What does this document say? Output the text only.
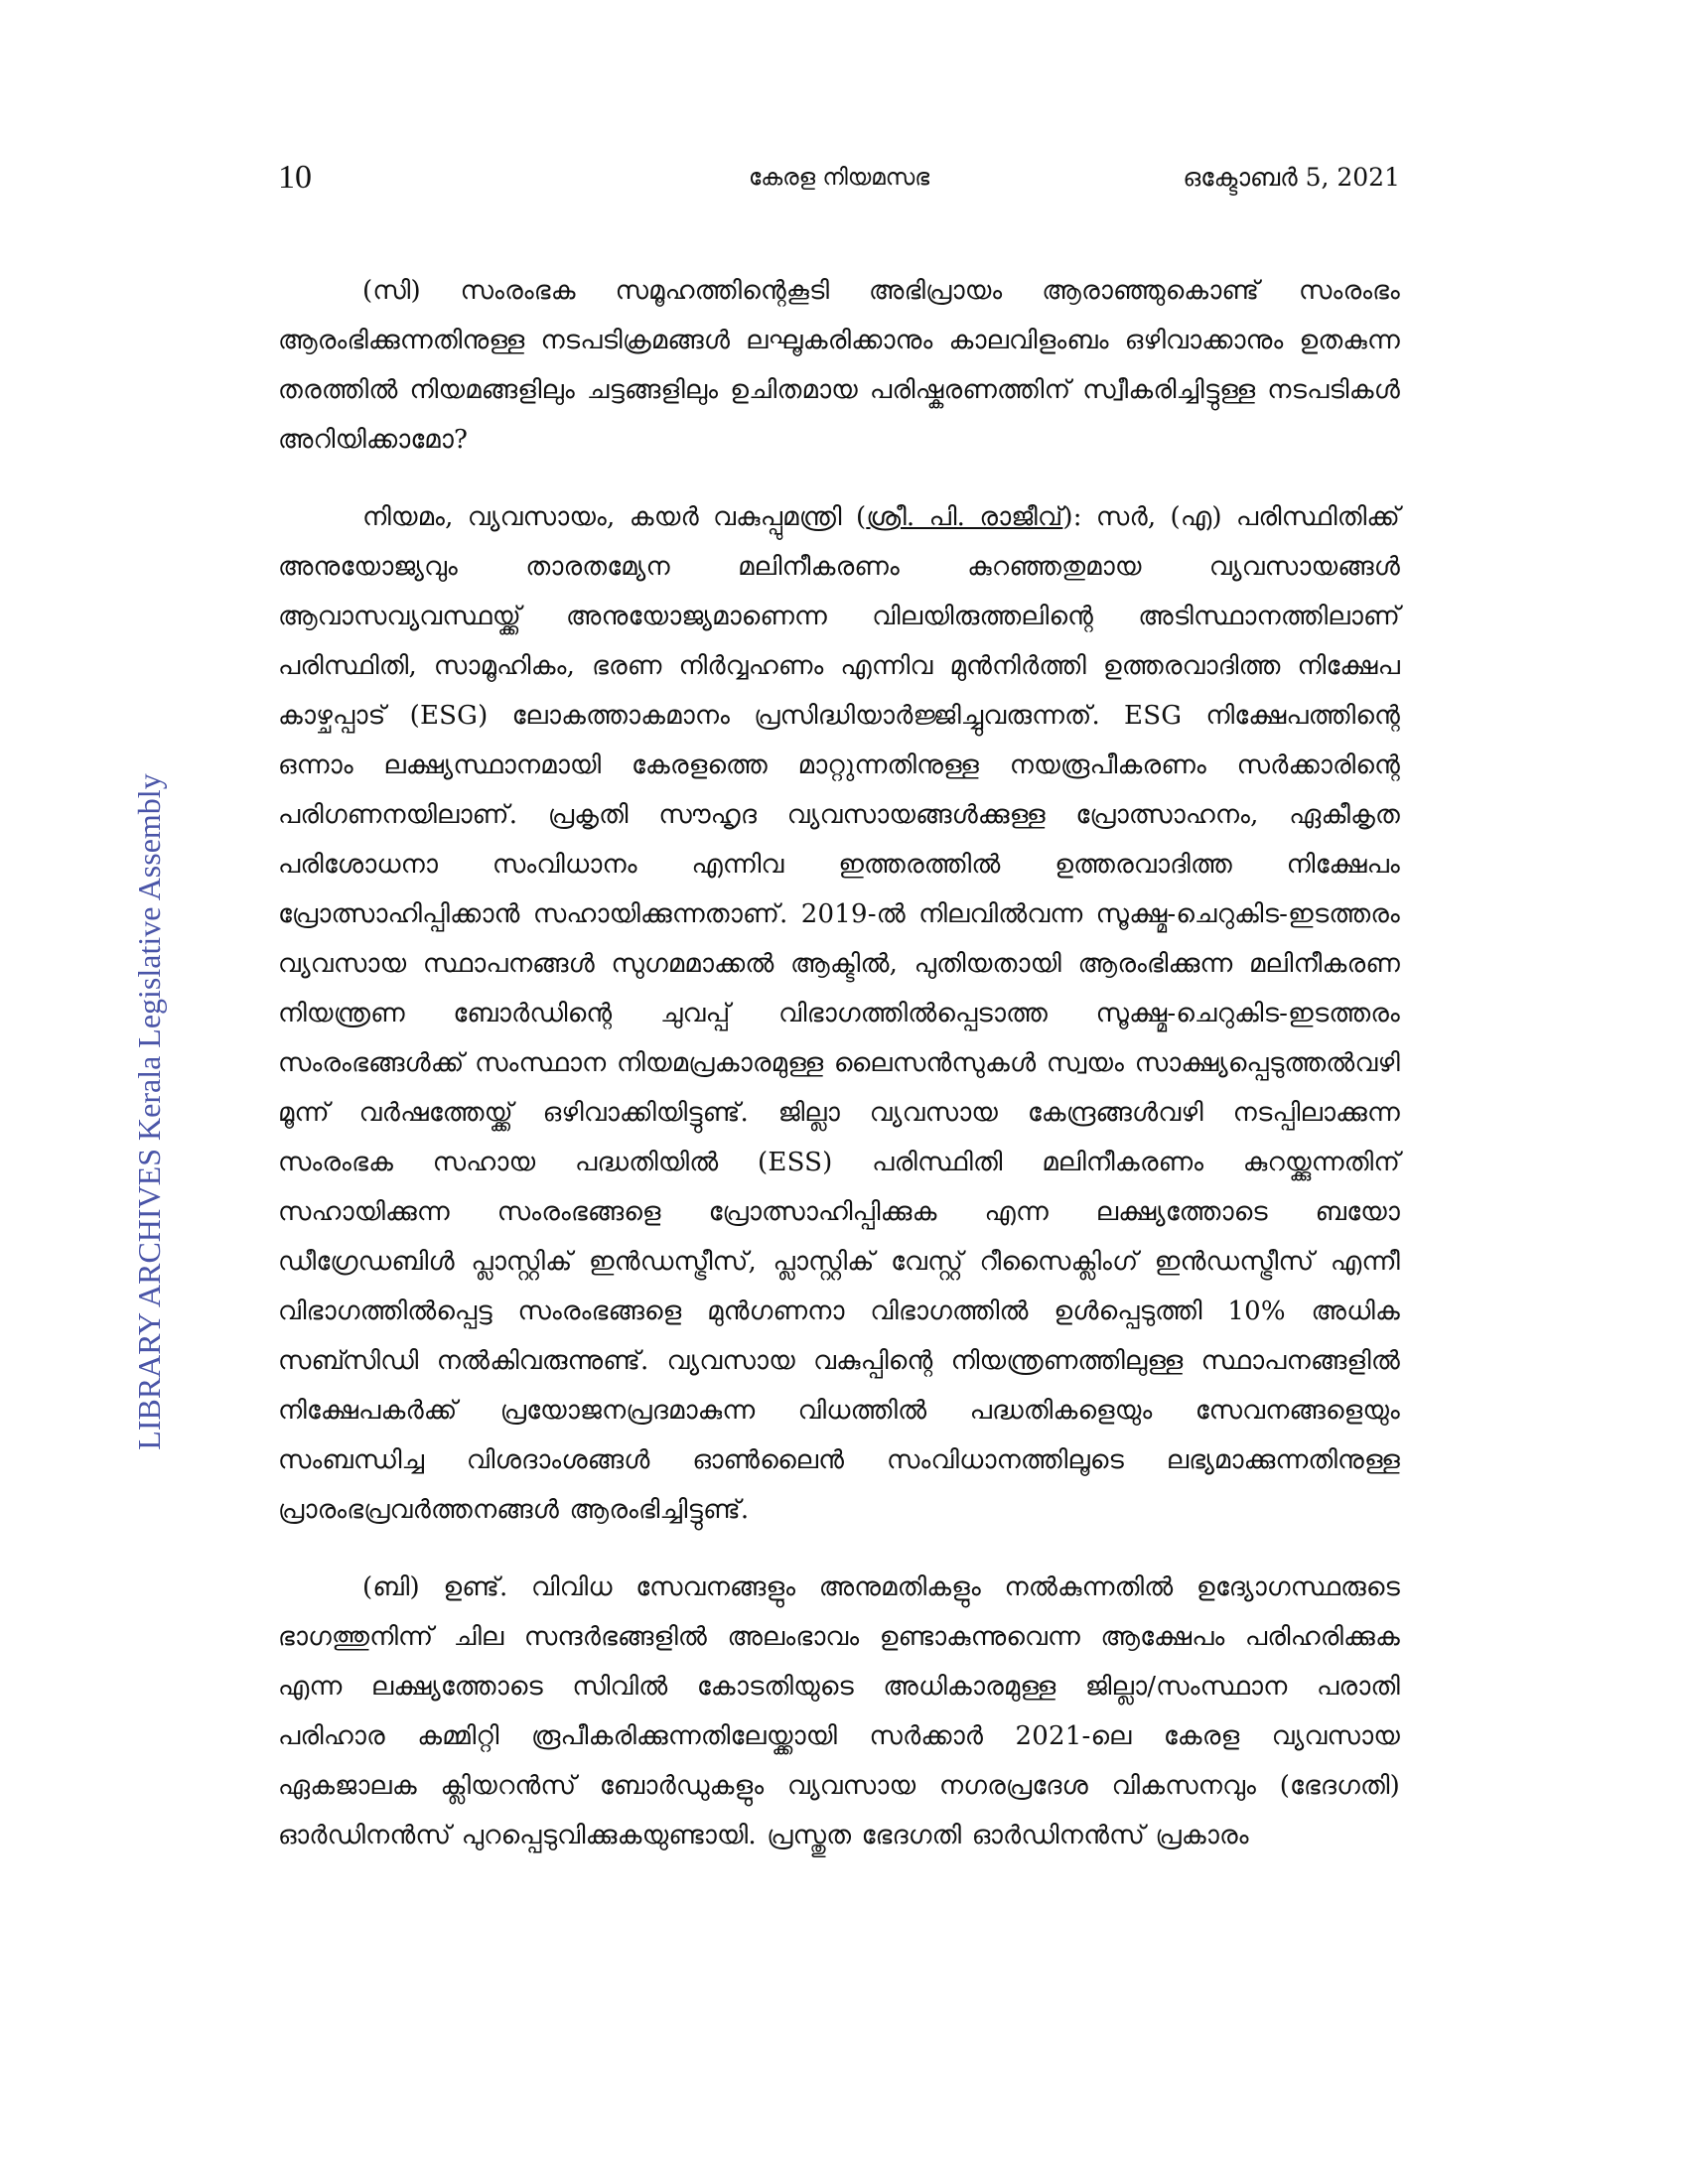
10	കേരള നിയമസഭ	ഒക്ടോബർ 5, 2021
LIBRARY ARCHIVES Kerala Legislative Assembly

(സി) സംരംഭക സമൂഹത്തിന്റെകൂടി അഭിപ്രായം ആരാഞ്ഞുകൊണ്ട് സംരംഭം ആരംഭിക്കുന്നതിനുള്ള നടപടിക്രമങ്ങൾ ലഘൂകരിക്കാനും കാലവിളംബം ഒഴിവാക്കാനും ഉതകുന്ന തരത്തിൽ നിയമങ്ങളിലും ചട്ടങ്ങളിലും ഉചിതമായ പരിഷ്കരണത്തിന് സ്വീകരിച്ചിട്ടുള്ള നടപടികൾ അറിയിക്കാമോ?

നിയമം, വ്യവസായം, കയർ വകുപ്പുമന്ത്രി (ശ്രീ. പി. രാജീവ്): സർ, (എ) പരിസ്ഥിതിക്ക് അനുയോജ്യവും താരതമ്യേന മലിനീകരണം കുറഞ്ഞതുമായ വ്യവസായങ്ങൾ ആവാസവ്യവസ്ഥയ്ക്ക് അനുയോജ്യമാണെന്ന വിലയിരുത്തലിന്റെ അടിസ്ഥാനത്തിലാണ് പരിസ്ഥിതി, സാമൂഹികം, ഭരണ നിർവ്വഹണം എന്നിവ മുൻനിർത്തി ഉത്തരവാദിത്ത നിക്ഷേപ കാഴ്ചപ്പാട് (ESG) ലോകത്താകമാനം പ്രസിദ്ധിയാർജ്ജിച്ചുവരുന്നത്. ESG നിക്ഷേപത്തിന്റെ ഒന്നാം ലക്ഷ്യസ്ഥാനമായി കേരളത്തെ മാറ്റുന്നതിനുള്ള നയരൂപീകരണം സർക്കാരിന്റെ പരിഗണനയിലാണ്. പ്രകൃതി സൗഹൃദ വ്യവസായങ്ങൾക്കുള്ള പ്രോത്സാഹനം, ഏകീകൃത പരിശോധനാ സംവിധാനം എന്നിവ ഇത്തരത്തിൽ ഉത്തരവാദിത്ത നിക്ഷേപം പ്രോത്സാഹിപ്പിക്കാൻ സഹായിക്കുന്നതാണ്. 2019-ൽ നിലവിൽവന്ന സൂക്ഷ്മ-ചെറുകിട-ഇടത്തരം വ്യവസായ സ്ഥാപനങ്ങൾ സുഗമമാക്കൽ ആക്ടിൽ, പുതിയതായി ആരംഭിക്കുന്ന മലിനീകരണ നിയന്ത്രണ ബോർഡിന്റെ ചുവപ്പ് വിഭാഗത്തിൽപ്പെടാത്ത സൂക്ഷ്മ-ചെറുകിട-ഇടത്തരം സംരംഭങ്ങൾക്ക് സംസ്ഥാന നിയമപ്രകാരമുള്ള ലൈസൻസുകൾ സ്വയം സാക്ഷ്യപ്പെടുത്തൽവഴി മൂന്ന് വർഷത്തേയ്ക്ക് ഒഴിവാക്കിയിട്ടുണ്ട്. ജില്ലാ വ്യവസായ കേന്ദ്രങ്ങൾവഴി നടപ്പിലാക്കുന്ന സംരംഭക സഹായ പദ്ധതിയിൽ (ESS) പരിസ്ഥിതി മലിനീകരണം കുറയ്ക്കുന്നതിന് സഹായിക്കുന്ന സംരംഭങ്ങളെ പ്രോത്സാഹിപ്പിക്കുക എന്ന ലക്ഷ്യത്തോടെ ബയോ ഡീഗ്രേഡബിൾ പ്ലാസ്റ്റിക് ഇൻഡസ്ട്രീസ്, പ്ലാസ്റ്റിക് വേസ്റ്റ് റീസൈക്ലിംഗ് ഇൻഡസ്ട്രീസ് എന്നീ വിഭാഗത്തിൽപ്പെട്ട സംരംഭങ്ങളെ മുൻഗണനാ വിഭാഗത്തിൽ ഉൾപ്പെടുത്തി 10% അധിക സബ്സിഡി നൽകിവരുന്നുണ്ട്. വ്യവസായ വകുപ്പിന്റെ നിയന്ത്രണത്തിലുള്ള സ്ഥാപനങ്ങളിൽ നിക്ഷേപകർക്ക് പ്രയോജനപ്രദമാകുന്ന വിധത്തിൽ പദ്ധതികളെയും സേവനങ്ങളെയും സംബന്ധിച്ച വിശദാംശങ്ങൾ ഓൺലൈൻ സംവിധാനത്തിലൂടെ ലഭ്യമാക്കുന്നതിനുള്ള പ്രാരംഭപ്രവർത്തനങ്ങൾ ആരംഭിച്ചിട്ടുണ്ട്.

(ബി) ഉണ്ട്. വിവിധ സേവനങ്ങളും അനുമതികളും നൽകുന്നതിൽ ഉദ്യോഗസ്ഥരുടെ ഭാഗത്തുനിന്ന് ചില സന്ദർഭങ്ങളിൽ അലംഭാവം ഉണ്ടാകുന്നുവെന്ന ആക്ഷേപം പരിഹരിക്കുക എന്ന ലക്ഷ്യത്തോടെ സിവിൽ കോടതിയുടെ അധികാരമുള്ള ജില്ലാ/സംസ്ഥാന പരാതി പരിഹാര കമ്മിറ്റി രൂപീകരിക്കുന്നതിലേയ്ക്കായി സർക്കാർ 2021-ലെ കേരള വ്യവസായ ഏകജാലക ക്ലിയറൻസ് ബോർഡുകളും വ്യവസായ നഗരപ്രദേശ വികസനവും (ഭേദഗതി) ഓർഡിനൻസ് പുറപ്പെടുവിക്കുകയുണ്ടായി. പ്രസ്തുത ഭേദഗതി ഓർഡിനൻസ് പ്രകാരം
